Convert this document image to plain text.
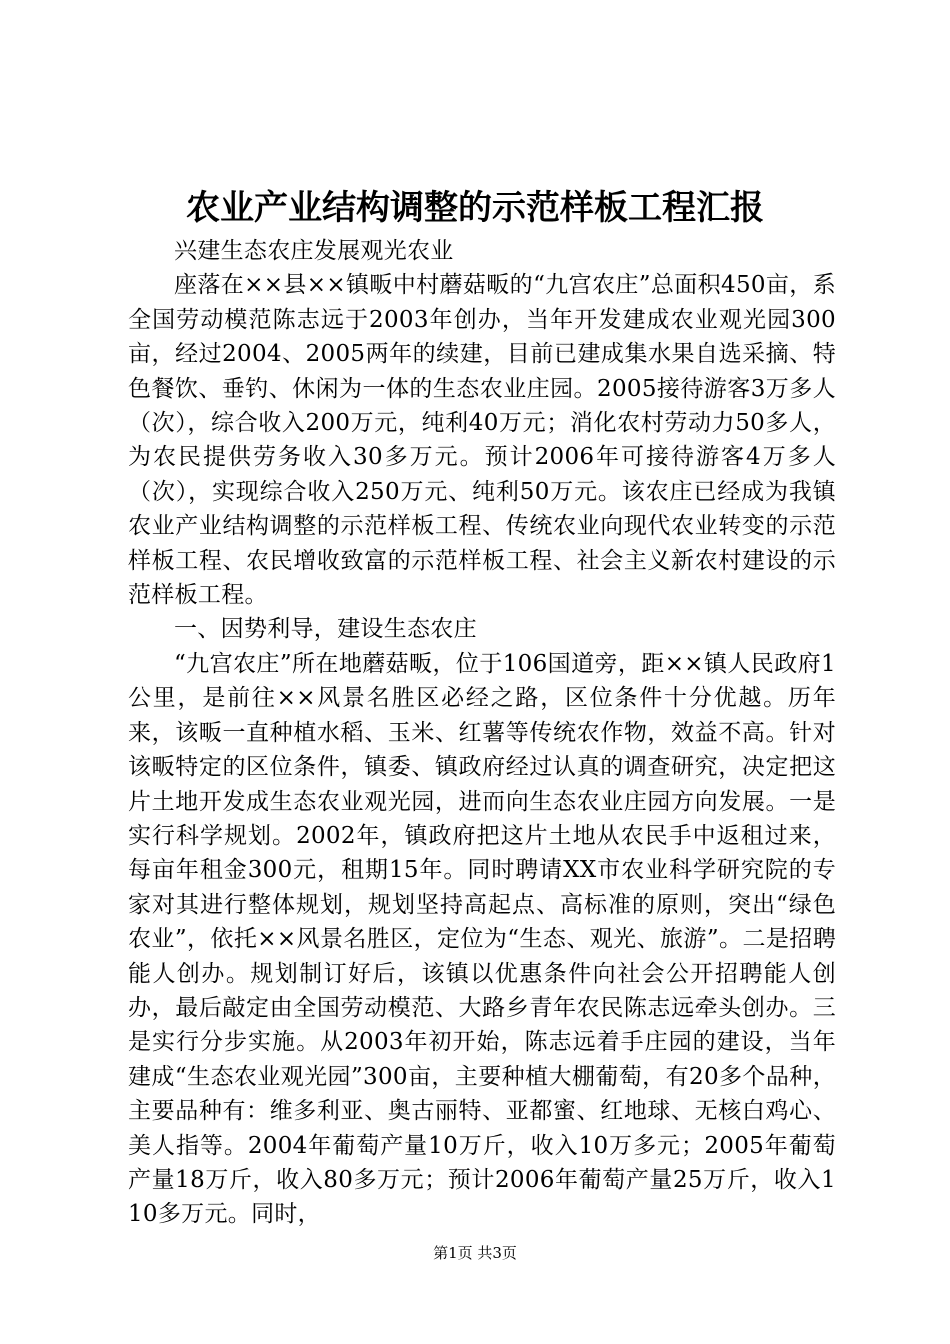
农业产业结构调整的示范样板工程汇报

兴建生态农庄发展观光农业

座落在××县××镇畈中村蘑菇畈的“九宫农庄”总面积450亩，系全国劳动模范陈志远于2003年创办，当年开发建成农业观光园300亩，经过2004、2005两年的续建，目前已建成集水果自选采摘、特色餐饮、垂钓、休闲为一体的生态农业庄园。2005接待游客3万多人（次），综合收入200万元，纯利40万元；消化农村劳动力50多人，为农民提供劳务收入30多万元。预计2006年可接待游客4万多人（次），实现综合收入250万元、纯利50万元。该农庄已经成为我镇农业产业结构调整的示范样板工程、传统农业向现代农业转变的示范样板工程、农民增收致富的示范样板工程、社会主义新农村建设的示范样板工程。

一、因势利导，建设生态农庄

“九宫农庄”所在地蘑菇畈，位于106国道旁，距××镇人民政府1公里，是前往××风景名胜区必经之路，区位条件十分优越。历年来，该畈一直种植水稻、玉米、红薯等传统农作物，效益不高。针对该畈特定的区位条件，镇委、镇政府经过认真的调查研究，决定把这片土地开发成生态农业观光园，进而向生态农业庄园方向发展。一是实行科学规划。2002年，镇政府把这片土地从农民手中返租过来，每亩年租金300元，租期15年。同时聘请XX市农业科学研究院的专家对其进行整体规划，规划坚持高起点、高标准的原则，突出“绿色农业”，依托××风景名胜区，定位为“生态、观光、旅游”。二是招聘能人创办。规划制订好后，该镇以优惠条件向社会公开招聘能人创办，最后敲定由全国劳动模范、大路乡青年农民陈志远牵头创办。三是实行分步实施。从2003年初开始，陈志远着手庄园的建设，当年建成“生态农业观光园”300亩，主要种植大棚葡萄，有20多个品种，主要品种有：维多利亚、奥古丽特、亚都蜜、红地球、无核白鸡心、美人指等。2004年葡萄产量10万斤，收入10万多元；2005年葡萄产量18万斤，收入80多万元；预计2006年葡萄产量25万斤，收入110多万元。同时，

第1页 共3页
